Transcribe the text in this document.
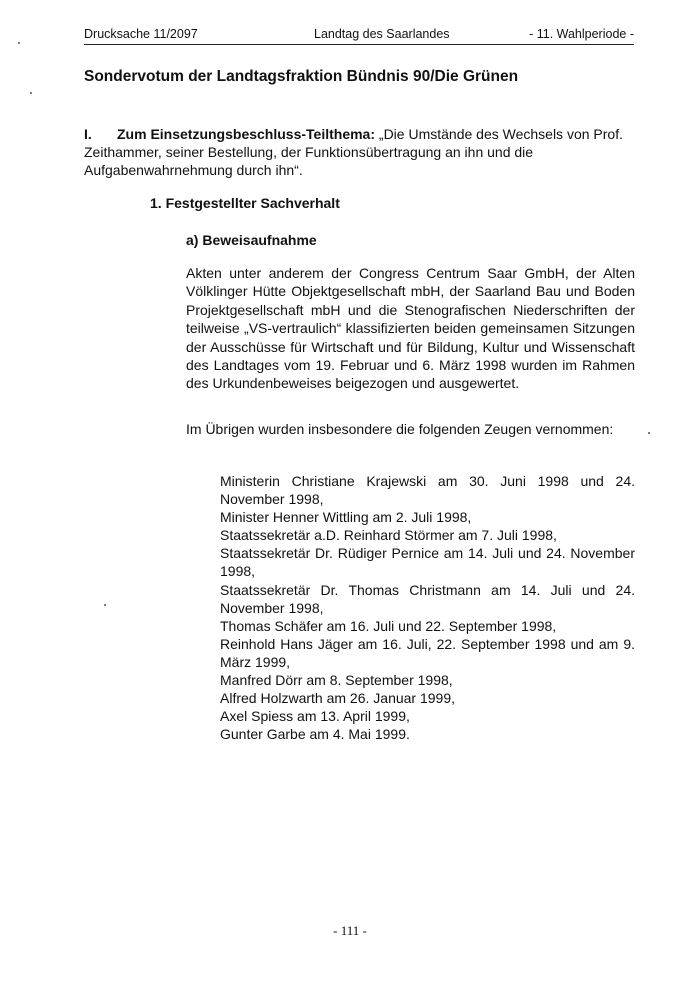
Drucksache 11/2097	Landtag des Saarlandes	- 11. Wahlperiode -
Sondervotum der Landtagsfraktion Bündnis 90/Die Grünen
I. Zum Einsetzungsbeschluss-Teilthema: „Die Umstände des Wechsels von Prof. Zeithammer, seiner Bestellung, der Funktionsübertragung an ihn und die Aufgabenwahrnehmung durch ihn“.
1. Festgestellter Sachverhalt
a) Beweisaufnahme

Akten unter anderem der Congress Centrum Saar GmbH, der Alten Völklinger Hütte Objektgesellschaft mbH, der Saarland Bau und Boden Projektgesellschaft mbH und die Stenografischen Niederschriften der teilweise „VS-vertraulich“ klassifizierten beiden gemeinsamen Sitzungen der Ausschüsse für Wirtschaft und für Bildung, Kultur und Wissenschaft des Landtages vom 19. Februar und 6. März 1998 wurden im Rahmen des Urkundenbeweises beigezogen und ausgewertet.

Im Übrigen wurden insbesondere die folgenden Zeugen vernommen:

Ministerin Christiane Krajewski am 30. Juni 1998 und 24. November 1998,
Minister Henner Wittling am 2. Juli 1998,
Staatssekretär a.D. Reinhard Störmer am 7. Juli 1998,
Staatssekretär Dr. Rüdiger Pernice am 14. Juli und 24. November 1998,
Staatssekretär Dr. Thomas Christmann am 14. Juli und 24. November 1998,
Thomas Schäfer am 16. Juli und 22. September 1998,
Reinhold Hans Jäger am 16. Juli, 22. September 1998 und am 9. März 1999,
Manfred Dörr am 8. September 1998,
Alfred Holzwarth am 26. Januar 1999,
Axel Spiess am 13. April 1999,
Gunter Garbe am 4. Mai 1999.
- 111 -
